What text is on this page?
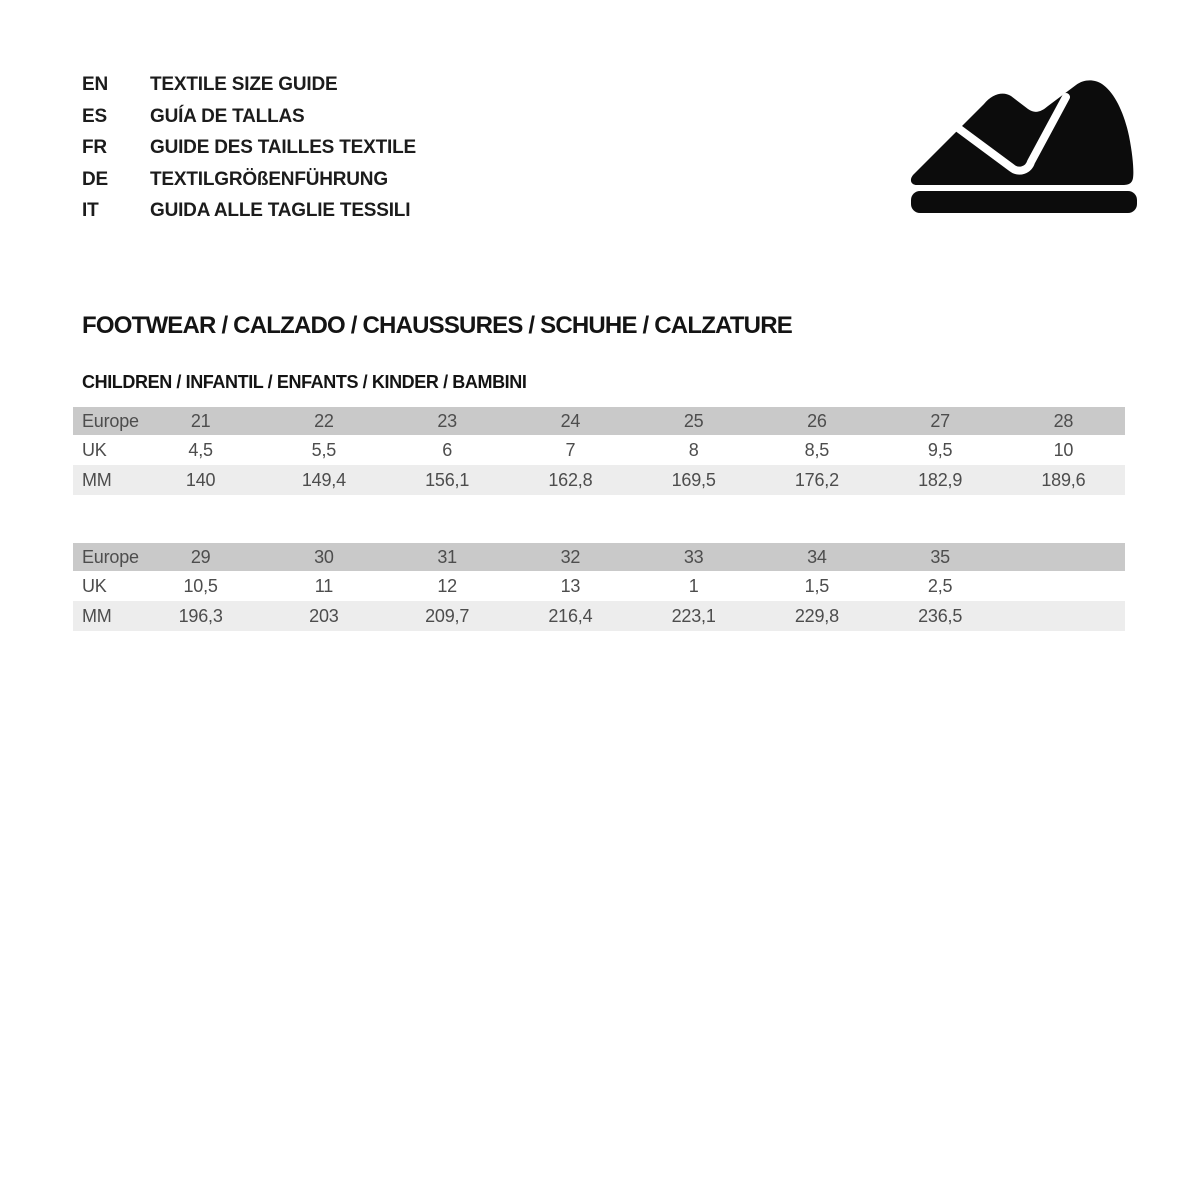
EN TEXTILE SIZE GUIDE
ES GUÍA DE TALLAS
FR GUIDE DES TAILLES TEXTILE
DE TEXTILGRÖßENFÜHRUNG
IT	GUIDA ALLE TAGLIE TESSILI
FOOTWEAR / CALZADO / CHAUSSURES / SCHUHE / CALZATURE
CHILDREN / INFANTIL / ENFANTS / KINDER / BAMBINI
Europe	21	22	23	24	25	26	27	28
UK	4,5	5,5	6	7	8	8,5	9,5	10
MM	140	149,4	156,1	162,8	169,5	176,2	182,9	189,6
Europe	29	30	31	32	33	34	35	
UK	10,5	11	12	13	1	1,5	2,5	
MM	196,3	203	209,7	216,4	223,1	229,8	236,5	
